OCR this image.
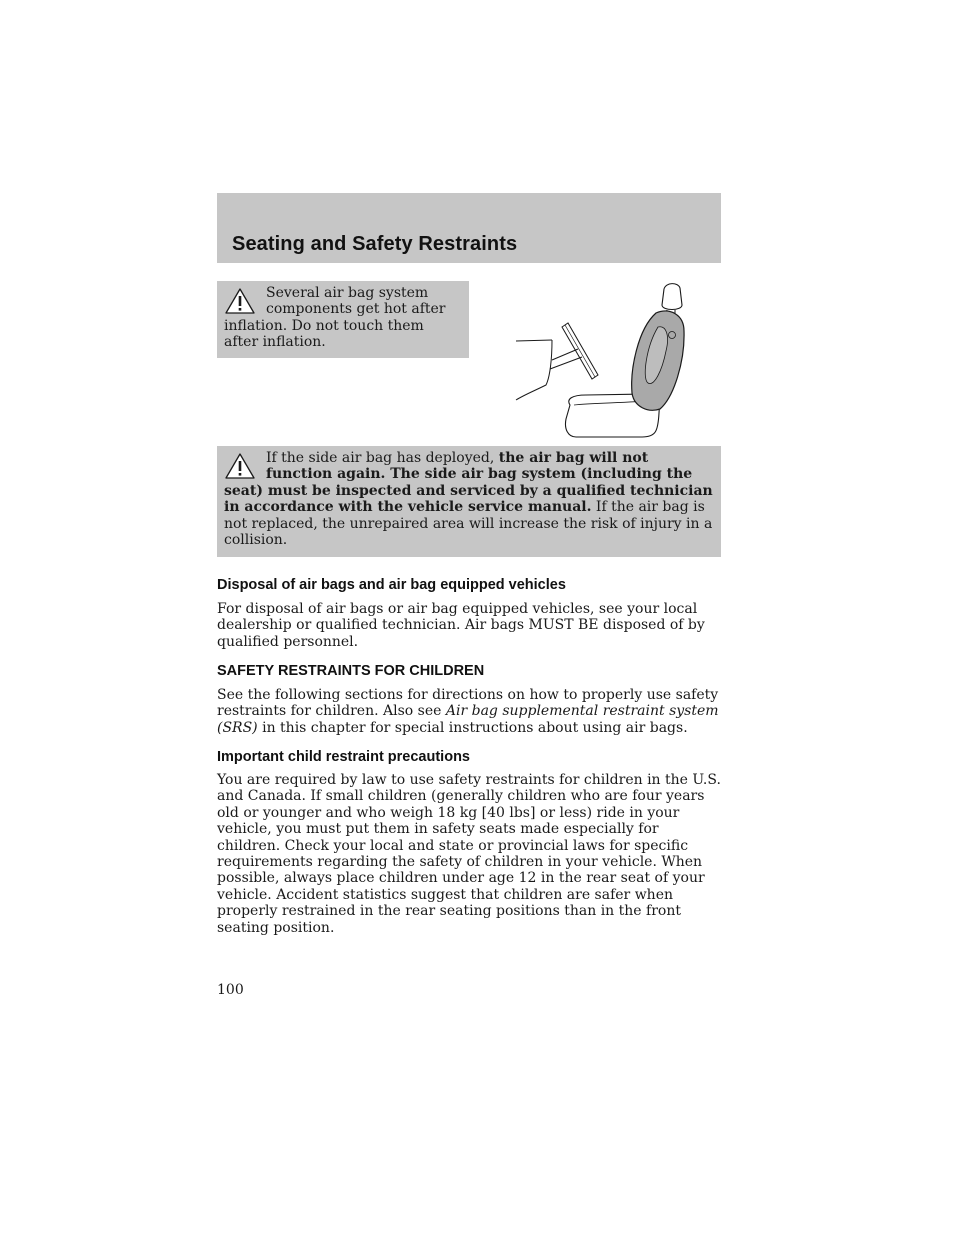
Seating and Safety Restraints

Several air bag system components get hot after inflation. Do not touch them after inflation.

If the side air bag has deployed, the air bag will not function again. The side air bag system (including the seat) must be inspected and serviced by a qualified technician in accordance with the vehicle service manual. If the air bag is not replaced, the unrepaired area will increase the risk of injury in a collision.

Disposal of air bags and air bag equipped vehicles

For disposal of air bags or air bag equipped vehicles, see your local dealership or qualified technician. Air bags MUST BE disposed of by qualified personnel.

SAFETY RESTRAINTS FOR CHILDREN

See the following sections for directions on how to properly use safety restraints for children. Also see Air bag supplemental restraint system (SRS) in this chapter for special instructions about using air bags.

Important child restraint precautions

You are required by law to use safety restraints for children in the U.S. and Canada. If small children (generally children who are four years old or younger and who weigh 18 kg [40 lbs] or less) ride in your vehicle, you must put them in safety seats made especially for children. Check your local and state or provincial laws for specific requirements regarding the safety of children in your vehicle. When possible, always place children under age 12 in the rear seat of your vehicle. Accident statistics suggest that children are safer when properly restrained in the rear seating positions than in the front seating position.

100
